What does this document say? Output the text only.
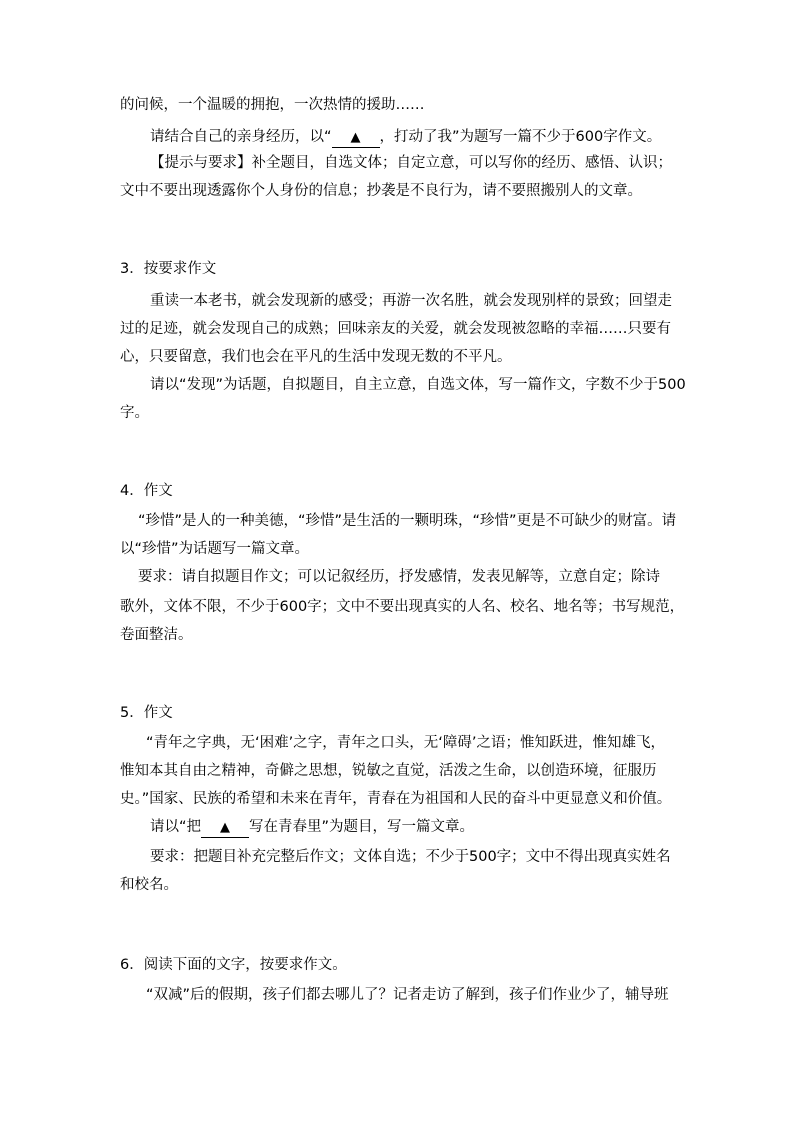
的问候，一个温暖的拥抱，一次热情的援助……

请结合自己的亲身经历，以“ ▲ ，打动了我”为题写一篇不少于600字作文。

【提示与要求】补全题目，自选文体；自定立意，可以写你的经历、感悟、认识；

文中不要出现透露你个人身份的信息；抄袭是不良行为，请不要照搬别人的文章。

3．按要求作文

重读一本老书，就会发现新的感受；再游一次名胜，就会发现别样的景致；回望走

过的足迹，就会发现自己的成熟；回味亲友的关爱，就会发现被忽略的幸福……只要有

心，只要留意，我们也会在平凡的生活中发现无数的不平凡。

请以“发现”为话题，自拟题目，自主立意，自选文体，写一篇作文，字数不少于500

字。

4．作文

“珍惜”是人的一种美德，“珍惜”是生活的一颗明珠，“珍惜”更是不可缺少的财富。请

以“珍惜”为话题写一篇文章。

要求：请自拟题目作文；可以记叙经历，抒发感情，发表见解等，立意自定；除诗

歌外，文体不限，不少于600字；文中不要出现真实的人名、校名、地名等；书写规范，

卷面整洁。

5．作文

“青年之字典，无‘困难’之字，青年之口头，无‘障碍’之语；惟知跃进，惟知雄飞，

惟知本其自由之精神，奇僻之思想，锐敏之直觉，活泼之生命，以创造环境，征服历

史。”国家、民族的希望和未来在青年，青春在为祖国和人民的奋斗中更显意义和价值。

请以“把 ▲ 写在青春里”为题目，写一篇文章。

要求：把题目补充完整后作文；文体自选；不少于500字；文中不得出现真实姓名

和校名。

6．阅读下面的文字，按要求作文。

“双减”后的假期，孩子们都去哪儿了？记者走访了解到，孩子们作业少了，辅导班
